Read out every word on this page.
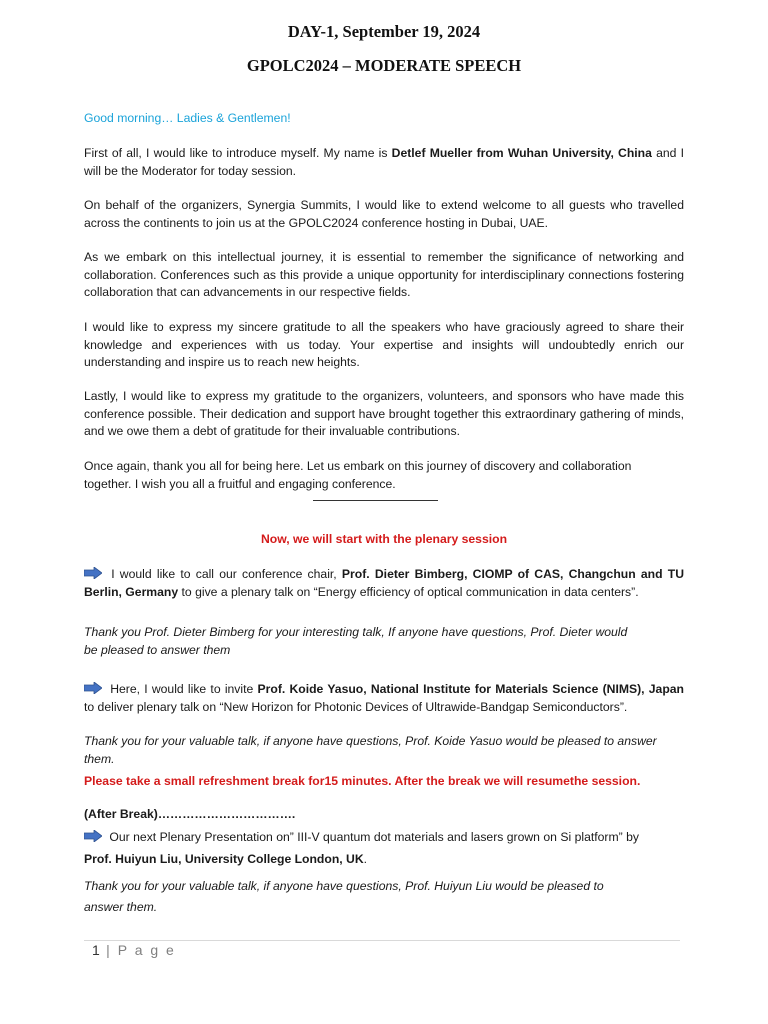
DAY-1, September 19, 2024
GPOLC2024 – MODERATE SPEECH

Good morning… Ladies & Gentlemen!

First of all, I would like to introduce myself. My name is Detlef Mueller from Wuhan University, China and I will be the Moderator for today session.

On behalf of the organizers, Synergia Summits, I would like to extend welcome to all guests who travelled across the continents to join us at the GPOLC2024 conference hosting in Dubai, UAE.

As we embark on this intellectual journey, it is essential to remember the significance of networking and collaboration. Conferences such as this provide a unique opportunity for interdisciplinary connections fostering collaboration that can advancements in our respective fields.

I would like to express my sincere gratitude to all the speakers who have graciously agreed to share their knowledge and experiences with us today. Your expertise and insights will undoubtedly enrich our understanding and inspire us to reach new heights.

Lastly, I would like to express my gratitude to the organizers, volunteers, and sponsors who have made this conference possible. Their dedication and support have brought together this extraordinary gathering of minds, and we owe them a debt of gratitude for their invaluable contributions.

Once again, thank you all for being here. Let us embark on this journey of discovery and collaboration together. I wish you all a fruitful and engaging conference.

Now, we will start with the plenary session

I would like to call our conference chair, Prof. Dieter Bimberg, CIOMP of CAS, Changchun and TU Berlin, Germany to give a plenary talk on “Energy efficiency of optical communication in data centers”.

Thank you Prof. Dieter Bimberg for your interesting talk, If anyone have questions, Prof. Dieter would be pleased to answer them

Here, I would like to invite Prof. Koide Yasuo, National Institute for Materials Science (NIMS), Japan to deliver plenary talk on “New Horizon for Photonic Devices of Ultrawide-Bandgap Semiconductors”.

Thank you for your valuable talk, if anyone have questions, Prof. Koide Yasuo would be pleased to answer them.

Please take a small refreshment break for15 minutes. After the break we will resumethe session.

(After Break)…………………………….

Our next Plenary Presentation on” III-V quantum dot materials and lasers grown on Si platform” by Prof. Huiyun Liu, University College London, UK.

Thank you for your valuable talk, if anyone have questions, Prof. Huiyun Liu would be pleased to answer them.

1 | P a g e
